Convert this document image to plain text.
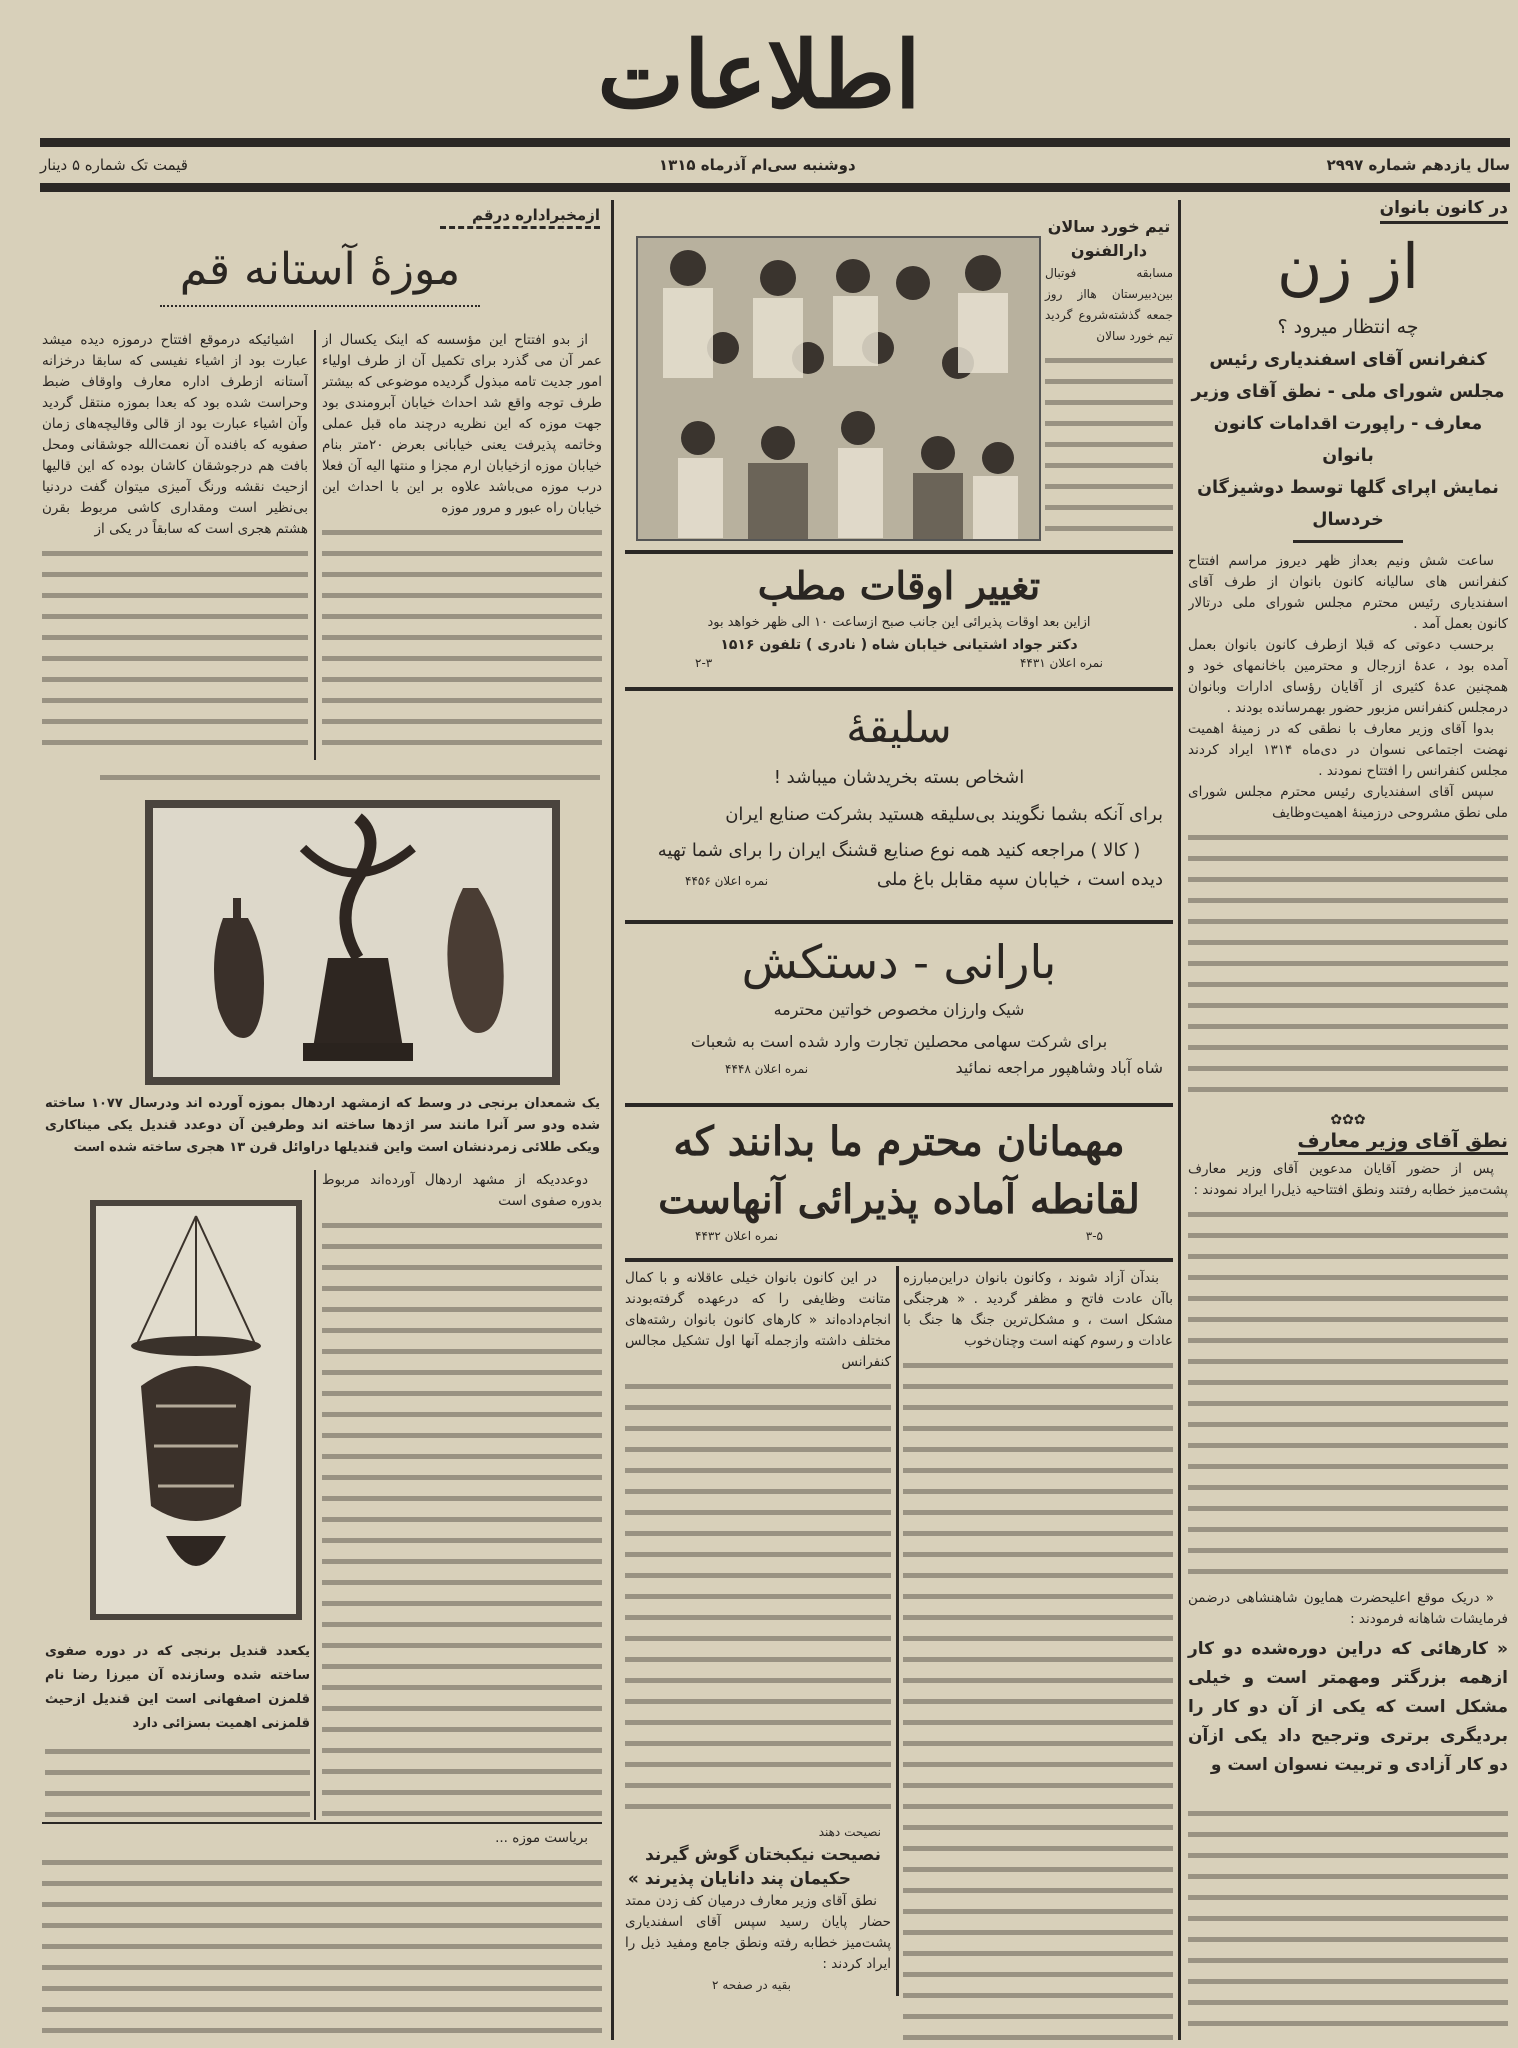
اطلاعات
سال یازدهم شماره ۲۹۹۷
دوشنبه سی‌ام آذرماه ۱۳۱۵
قیمت تک شماره ۵ دینار
در کانون بانوان
از زن
چه انتظار میرود ؟
کنفرانس آقای اسفندیاری رئیس
مجلس شورای ملی - نطق آقای وزیر
معارف - راپورت اقدامات کانون بانوان
نمایش اپرای گلها توسط دوشیزگان خردسال

ساعت شش ونیم بعداز ظهر دیروز مراسم افتتاح کنفرانس های سالیانه کانون بانوان از طرف آقای اسفندیاری رئیس محترم مجلس شورای ملی درتالار کانون بعمل آمد .

برحسب دعوتی که قبلا ازطرف کانون بانوان بعمل آمده بود ، عدهٔ ازرجال و محترمین باخانمهای خود و همچنین عدهٔ کثیری از آقایان رؤسای ادارات وبانوان درمجلس کنفرانس مزبور حضور بهمرسانده بودند .

بدوا آقای وزیر معارف با نطقی که در زمینهٔ اهمیت نهضت اجتماعی نسوان در دی‌ماه ۱۳۱۴ ایراد کردند مجلس کنفرانس را افتتاح نمودند .

سپس آقای اسفندیاری رئیس محترم مجلس شورای ملی نطق مشروحی درزمینهٔ اهمیت‌وظایف

✿✿✿
نطق آقای وزیر معارف

پس از حضور آقایان مدعوین آقای وزیر معارف پشت‌میز خطابه رفتند ونطق افتتاحیه ذیل‌را ایراد نمودند :

« دریک موقع اعلیحضرت همایون شاهنشاهی درضمن فرمایشات شاهانه فرمودند :

« کارهائی که دراین دوره‌شده دو کار ازهمه بزرگتر ومهمتر است و خیلی مشکل است که یکی از آن دو کار را بردیگری برتری وترجیح داد یکی ازآن دو کار آزادی و تربیت نسوان است و
تیم خورد سالان
دارالفنون
مسابقه فوتبال بین‌دبیرستان هااز روز جمعه گذشته‌شروع گردید تیم خورد سالان
تغییر اوقات مطب
ازاین بعد اوقات پذیرائی این جانب صبح ازساعت ۱۰ الی ظهر خواهد بود
دکتر جواد اشتیانی خیابان شاه ( نادری ) تلفون ۱۵۱۶
نمره اعلان ۴۴۳۱
۲-۳
سلیقهٔ
اشخاص بسته بخریدشان میباشد !
برای آنکه بشما نگویند بی‌سلیقه هستید بشرکت صنایع ایران
( کالا ) مراجعه کنید همه نوع صنایع قشنگ ایران را برای شما تهیه
دیده است ، خیابان سپه مقابل باغ ملی
نمره اعلان ۴۴۵۶
بارانی - دستکش
شیک وارزان مخصوص خواتین محترمه
برای شرکت سهامی محصلین تجارت وارد شده است به شعبات
شاه آباد وشاهپور مراجعه نمائید
نمره اعلان ۴۴۴۸
مهمانان محترم ما بدانند که لقانطه آماده پذیرائی آنهاست
۳-۵
نمره اعلان ۴۴۳۲

بندآن آزاد شوند ، وکانون بانوان دراین‌مبارزه باآن عادت فاتح و مظفر گردید . « هرجنگی مشکل است ، و مشکل‌ترین جنگ ها جنگ با عادات و رسوم کهنه است وچنان‌خوب

در این کانون بانوان خیلی عاقلانه و با کمال متانت وظایفی را که درعهده گرفته‌بودند انجام‌داده‌اند « کارهای کانون بانوان رشته‌های مختلف داشته وازجمله آنها اول تشکیل مجالس کنفرانس

نصیحت دهند
نصیحت نیکبختان گوش گیرند
حکیمان پند دانایان پذیرند »

نطق آقای وزیر معارف درمیان کف زدن ممتد حضار پایان رسید سپس آقای اسفندیاری پشت‌میز خطابه رفته ونطق جامع ومفید ذیل را ایراد کردند :

بقیه در صفحه ۲
ازمخبراداره درقم
موزهٔ آستانه قم

از بدو افتتاح این مؤسسه که اینک یکسال از عمر آن می گذرد برای تکمیل آن از طرف اولیاء امور جدیت تامه مبذول گردیده موضوعی که بیشتر طرف توجه واقع شد احداث خیابان آبرومندی بود جهت موزه که این نظریه درچند ماه قبل عملی وخاتمه پذیرفت یعنی خیابانی بعرض ۲۰متر بنام خیابان موزه ازخیابان ارم مجزا و منتها الیه آن فعلا درب موزه می‌باشد علاوه بر این با احداث این خیابان راه عبور و مرور موزه

اشیائیکه درموقع افتتاح درموزه دیده میشد عبارت بود از اشیاء نفیسی که سابقا درخزانه آستانه ازطرف اداره معارف واوقاف ضبط وحراست شده بود که بعدا بموزه منتقل گردید وآن اشیاء عبارت بود از قالی وقالیچه‌های زمان صفویه که بافنده آن نعمت‌الله جوشقانی ومحل بافت هم درجوشقان کاشان بوده که این قالیها ازحیث نقشه ورنگ آمیزی میتوان گفت دردنیا بی‌نظیر است ومقداری کاشی مربوط بقرن هشتم هجری است که سابقاً در یکی از

یک شمعدان برنجی در وسط که ازمشهد اردهال بموزه آورده اند ودرسال ۱۰۷۷ ساخته شده ودو سر آنرا مانند سر اژدها ساخته اند وطرفین آن دوعدد قندیل یکی میناکاری ویکی طلائی زمردنشان است واین قندیلها دراوائل قرن ۱۳ هجری ساخته شده است
یکعدد قندیل برنجی که در دوره صفوی ساخته شده وسازنده آن میرزا رضا نام قلمزن اصفهانی است این قندیل ازحیث قلمزنی اهمیت بسزائی دارد

دوعددیکه از مشهد اردهال آورده‌اند مربوط بدوره صفوی است

بریاست موزه ...
